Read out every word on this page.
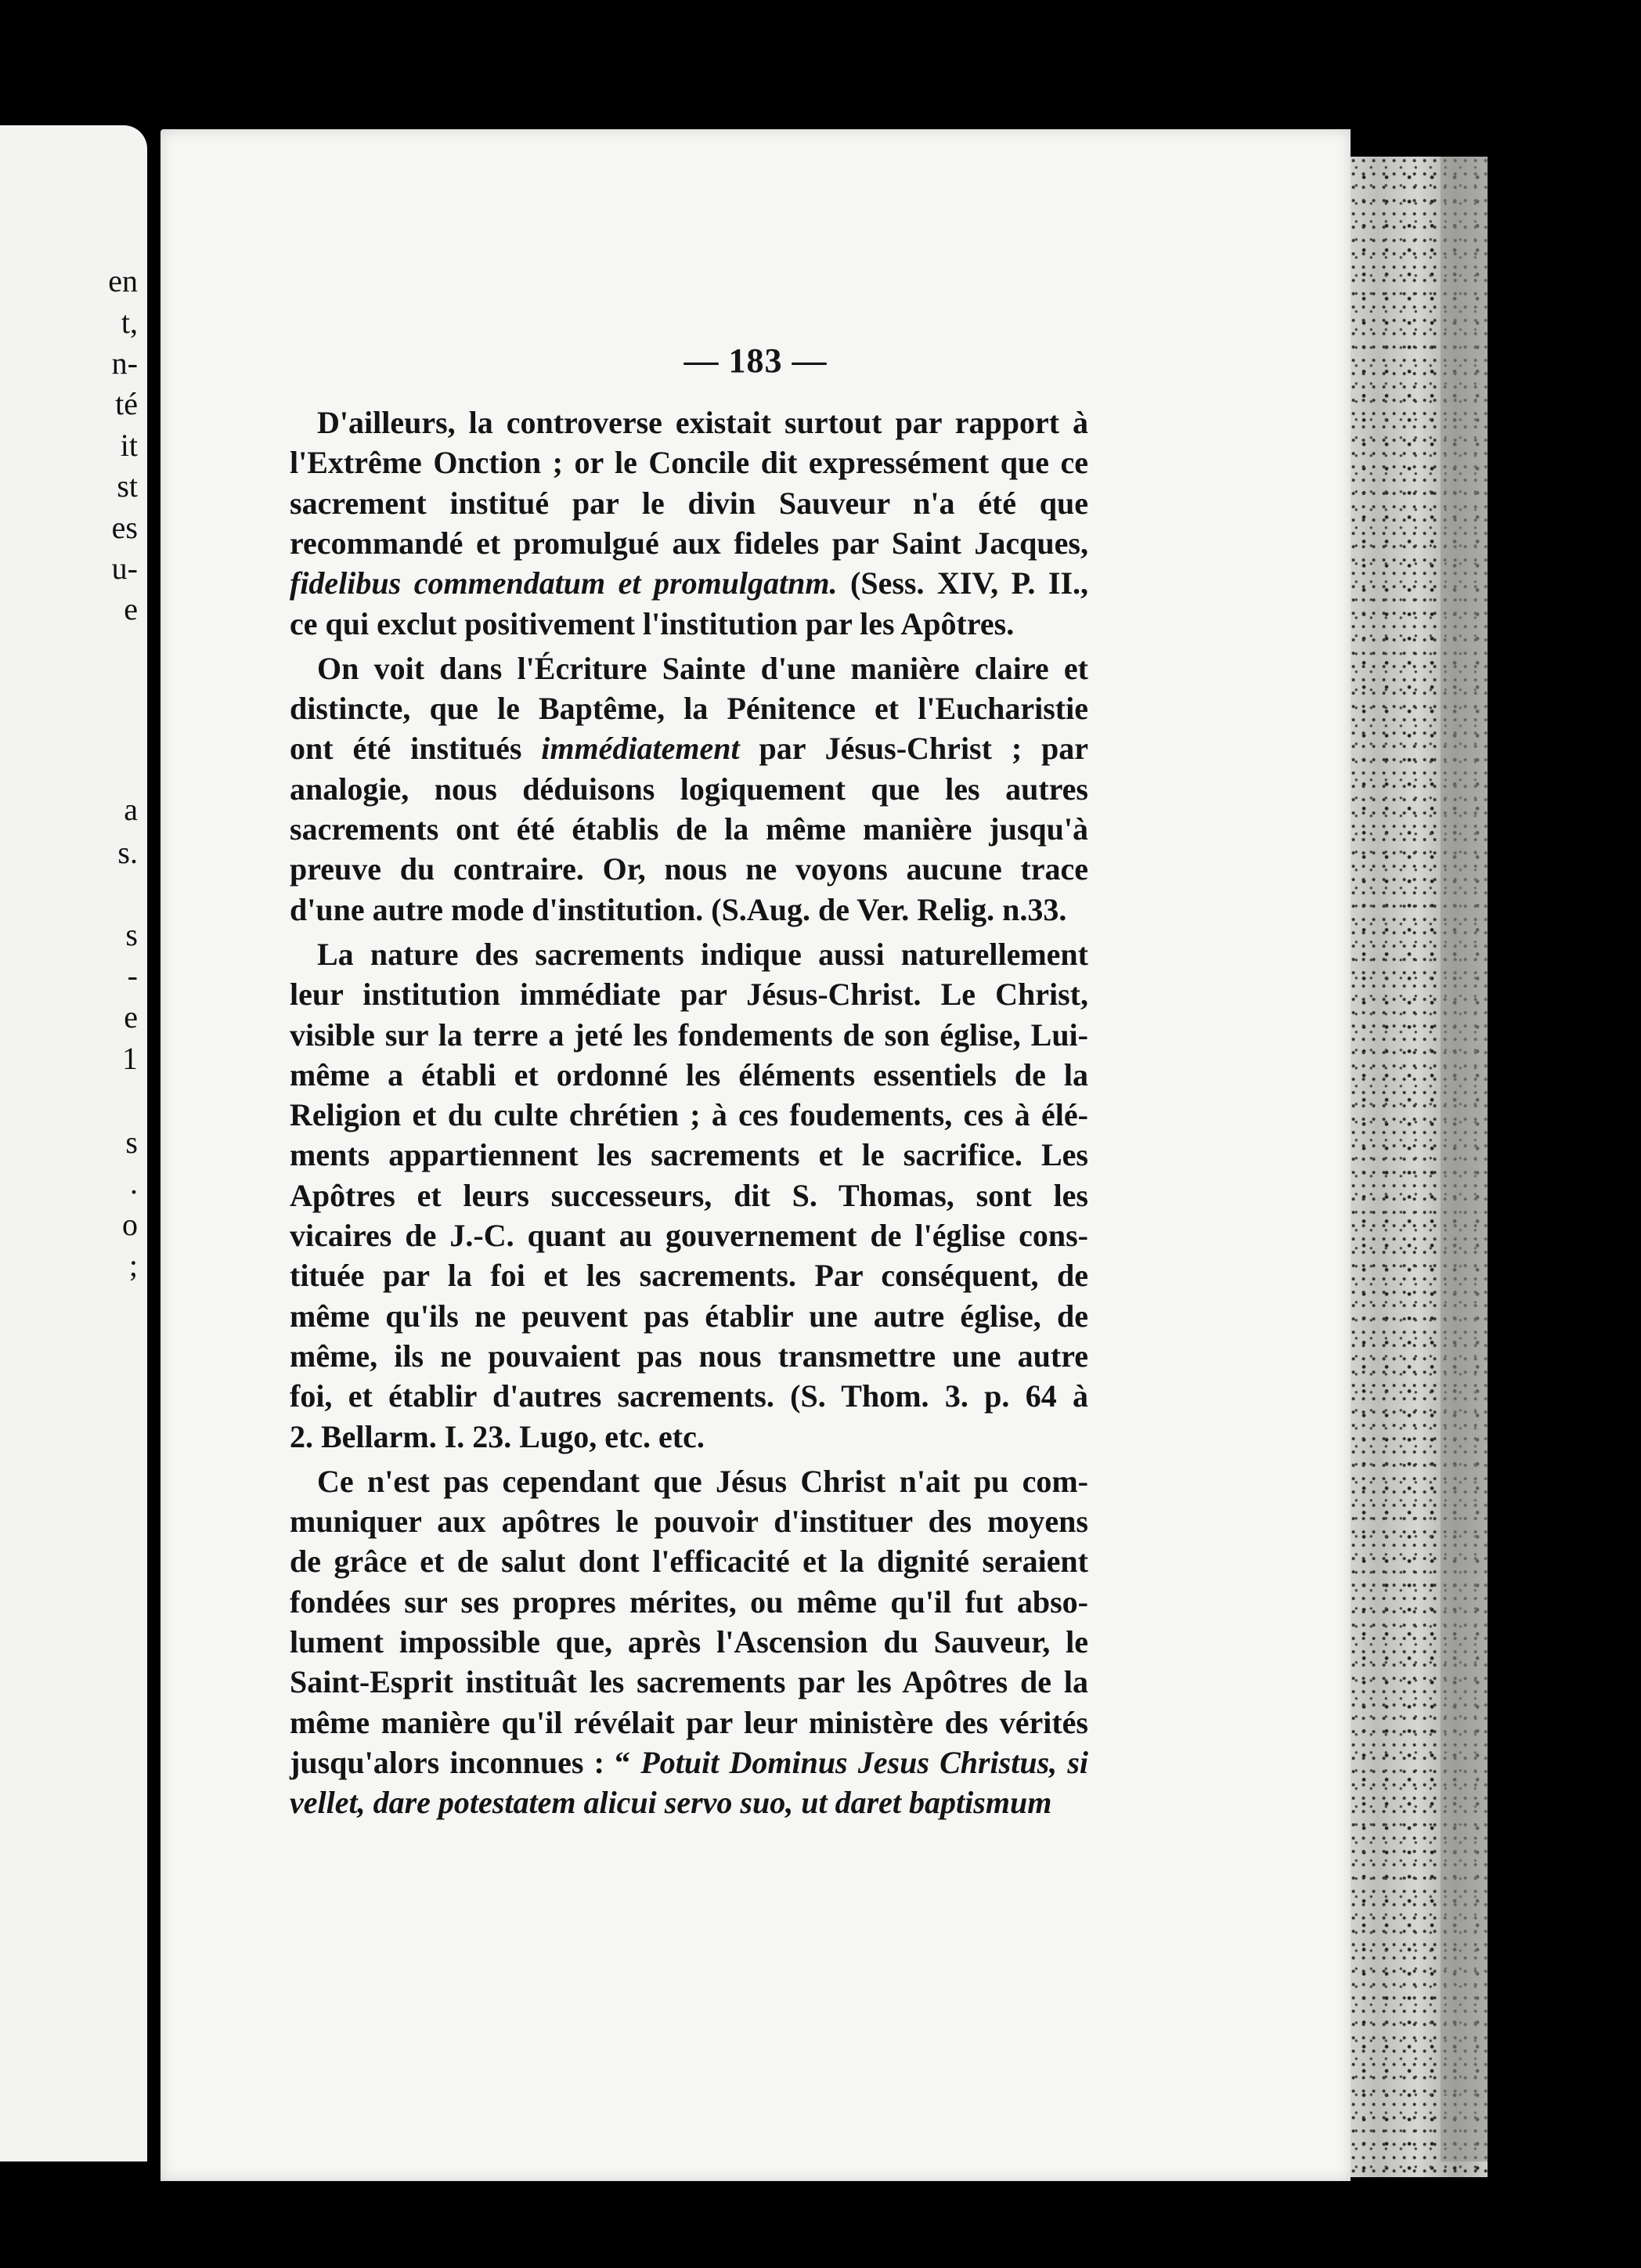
en
t,
n-
té
it
st
es
u-
e
a
s.
s
-
e
1
s
.
o
;
— 183 —
D'ailleurs, la controverse existait surtout par rapport à
l'Extrême Onction ; or le Concile dit expressément que ce
sacrement institué par le divin Sauveur n'a été que
recommandé et promulgué aux fideles par Saint Jacques,
fidelibus commendatum et promulgatnm. (Sess. XIV, P. II.,
ce qui exclut positivement l'institution par les Apôtres.
On voit dans l'Écriture Sainte d'une manière claire et
distincte, que le Baptême, la Pénitence et l'Eucharistie
ont été institués immédiatement par Jésus-Christ ; par
analogie, nous déduisons logiquement que les autres
sacrements ont été établis de la même manière jusqu'à
preuve du contraire. Or, nous ne voyons aucune trace
d'une autre mode d'institution. (S.Aug. de Ver. Relig. n.33.
La nature des sacrements indique aussi naturellement
leur institution immédiate par Jésus-Christ. Le Christ,
visible sur la terre a jeté les fondements de son église, Lui-
même a établi et ordonné les éléments essentiels de la
Religion et du culte chrétien ; à ces foudements, ces à élé-
ments appartiennent les sacrements et le sacrifice. Les
Apôtres et leurs successeurs, dit S. Thomas, sont les
vicaires de J.-C. quant au gouvernement de l'église cons-
tituée par la foi et les sacrements. Par conséquent, de
même qu'ils ne peuvent pas établir une autre église, de
même, ils ne pouvaient pas nous transmettre une autre
foi, et établir d'autres sacrements. (S. Thom. 3. p. 64 à
2. Bellarm. I. 23. Lugo, etc. etc.
Ce n'est pas cependant que Jésus Christ n'ait pu com-
muniquer aux apôtres le pouvoir d'instituer des moyens
de grâce et de salut dont l'efficacité et la dignité seraient
fondées sur ses propres mérites, ou même qu'il fut abso-
lument impossible que, après l'Ascension du Sauveur, le
Saint-Esprit instituât les sacrements par les Apôtres de la
même manière qu'il révélait par leur ministère des vérités
jusqu'alors inconnues : “ Potuit Dominus Jesus Christus, si
vellet, dare potestatem alicui servo suo, ut daret baptismum
